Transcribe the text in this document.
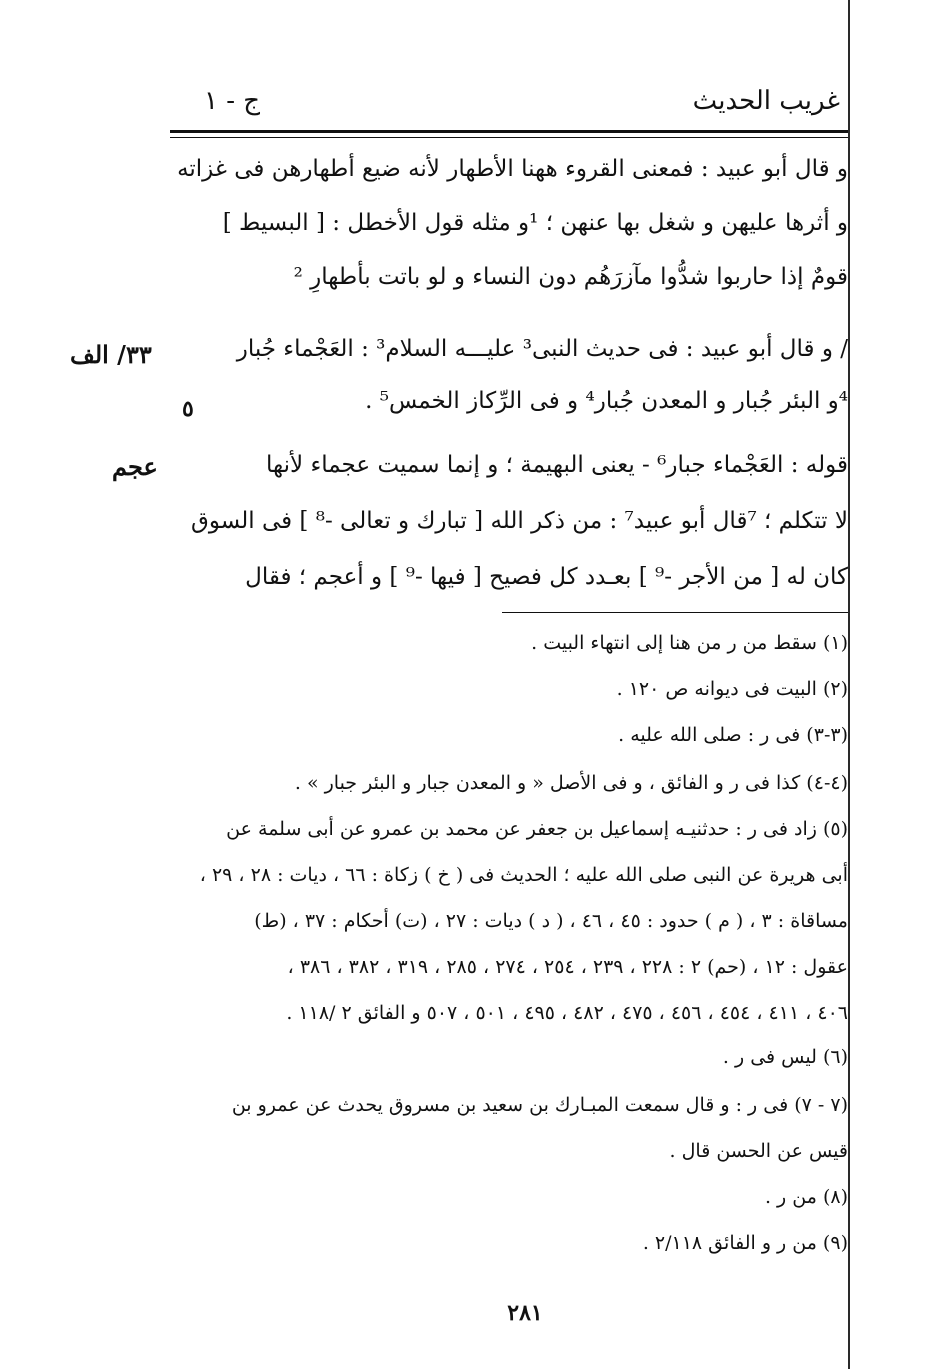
غريب الحديث
ج - ١
و قال أبو عبيد : فمعنى القروء ههنا الأطهار لأنه ضيع أطهارهن فى غزاته
و أثرها عليهن و شغل بها عنهن ؛ ¹و مثله قول الأخطل : [ البسيط ]
قومٌ إذا حاربوا شدُّوا مآزرَهُم دون النساء و لو باتت بأطهارِ ²
/ و قال أبو عبيد : فى حديث النبى³ عليـــه السلام³ : العَجْماء جُبار
⁴و البئر جُبار و المعدن جُبار⁴ و فى الرِّكاز الخمس⁵ .
قوله : العَجْماء جبار⁶ - يعنى البهيمة ؛ و إنما سميت عجماء لأنها
لا تتكلم ؛ ⁷قال أبو عبيد⁷ : من ذكر الله [ تبارك و تعالى -⁸ ] فى السوق
كان له [ من الأجر -⁹ ] بعـدد كل فصيح [ فيها -⁹ ] و أعجم ؛ فقال
٣٣/ الف
٥
عجم
(١) سقط من ر من هنا إلى انتهاء البيت .
(٢) البيت فى ديوانه ص ١٢٠ .
(٣-٣) فى ر : صلى الله عليه .
(٤-٤) كذا فى ر و الفائق ، و فى الأصل « و المعدن جبار و البئر جبار » .
(٥) زاد فى ر : حدثنيـه إسماعيل بن جعفر عن محمد بن عمرو عن أبى سلمة عن
أبى هريرة عن النبى صلى الله عليه ؛ الحديث فى ( خ ) زكاة : ٦٦ ، ديات : ٢٨ ، ٢٩ ،
مساقاة : ٣ ، ( م ) حدود : ٤٥ ، ٤٦ ، ( د ) ديات : ٢٧ ، (ت) أحكام : ٣٧ ، (ط)
عقول : ١٢ ، (حم) ٢ : ٢٢٨ ، ٢٣٩ ، ٢٥٤ ، ٢٧٤ ، ٢٨٥ ، ٣١٩ ، ٣٨٢ ، ٣٨٦ ،
٤٠٦ ، ٤١١ ، ٤٥٤ ، ٤٥٦ ، ٤٧٥ ، ٤٨٢ ، ٤٩٥ ، ٥٠١ ، ٥٠٧ و الفائق ٢ /١١٨ .
(٦) ليس فى ر .
(٧ - ٧) فى ر : و قال سمعت المبـارك بن سعيد بن مسروق يحدث عن عمرو بن
قيس عن الحسن قال .
(٨) من ر .
(٩) من ر و الفائق ٢/١١٨ .
٢٨١
